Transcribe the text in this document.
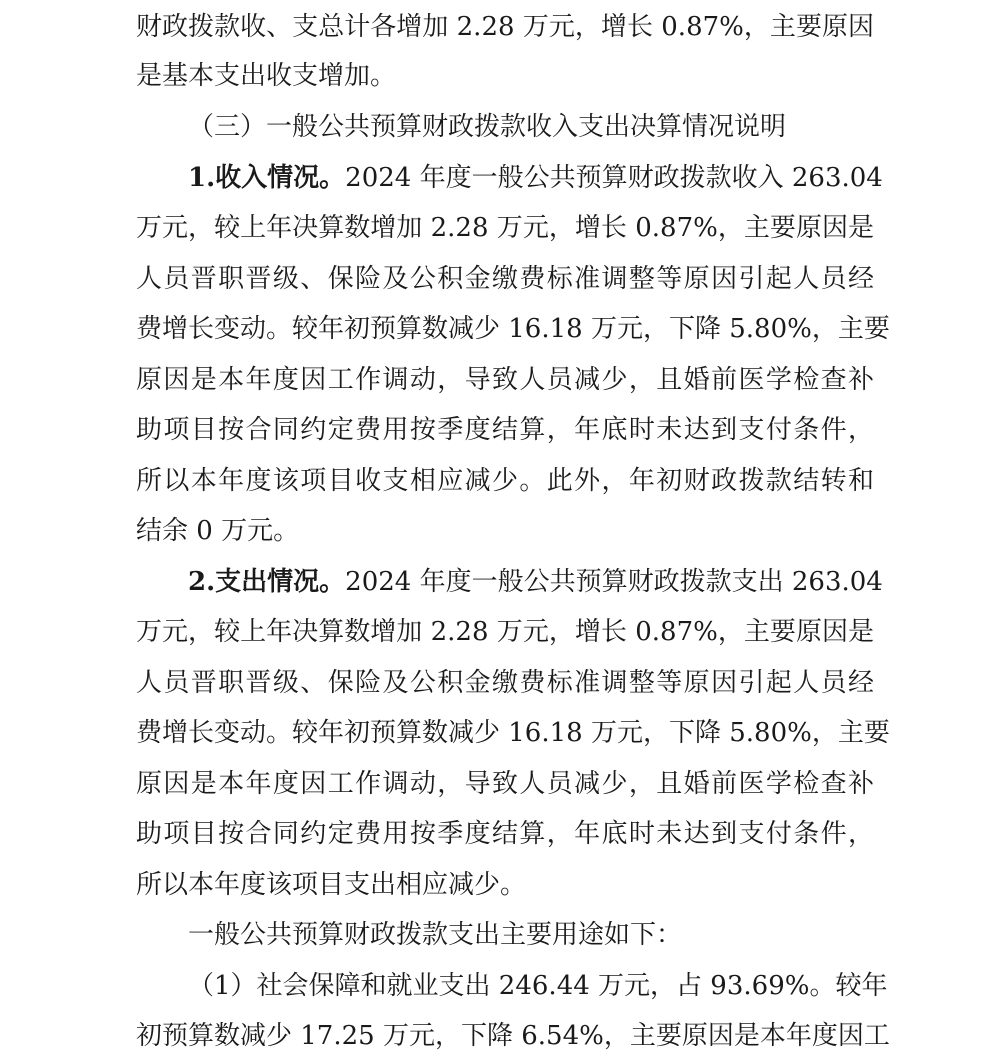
财政拨款收、支总计各增加 2.28 万元，增长 0.87%，主要原因
是基本支出收支增加。
（三）一般公共预算财政拨款收入支出决算情况说明
1.收入情况。2024 年度一般公共预算财政拨款收入 263.04
万元，较上年决算数增加 2.28 万元，增长 0.87%，主要原因是
人员晋职晋级、保险及公积金缴费标准调整等原因引起人员经
费增长变动。较年初预算数减少 16.18 万元，下降 5.80%，主要
原因是本年度因工作调动，导致人员减少，且婚前医学检查补
助项目按合同约定费用按季度结算，年底时未达到支付条件，
所以本年度该项目收支相应减少。此外，年初财政拨款结转和
结余 0 万元。
2.支出情况。2024 年度一般公共预算财政拨款支出 263.04
万元，较上年决算数增加 2.28 万元，增长 0.87%，主要原因是
人员晋职晋级、保险及公积金缴费标准调整等原因引起人员经
费增长变动。较年初预算数减少 16.18 万元，下降 5.80%，主要
原因是本年度因工作调动，导致人员减少，且婚前医学检查补
助项目按合同约定费用按季度结算，年底时未达到支付条件，
所以本年度该项目支出相应减少。
一般公共预算财政拨款支出主要用途如下：
（1）社会保障和就业支出 246.44 万元，占 93.69%。较年
初预算数减少 17.25 万元，下降 6.54%，主要原因是本年度因工
